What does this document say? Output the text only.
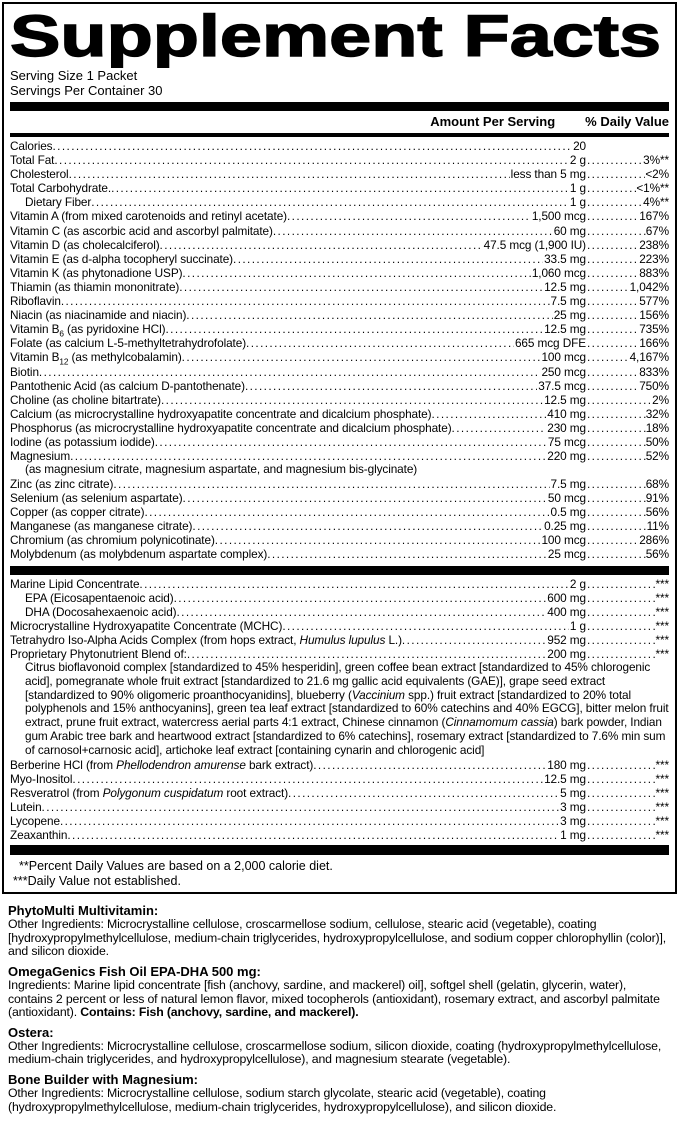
Supplement Facts
Serving Size 1 Packet
Servings Per Container 30
Amount Per Serving % Daily Value
Calories .....	20
Total Fat .....	2 g .....	3%**
Cholesterol .....	less than 5 mg .....	<2%
Total Carbohydrate. .....	1 g .....	<1%**
Dietary Fiber .....	1 g .....	4%**
Vitamin A (from mixed carotenoids and retinyl acetate) .....	1,500 mcg .....	167%
Vitamin C (as ascorbic acid and ascorbyl palmitate) .....	60 mg .....	67%
Vitamin D (as cholecalciferol) .....	47.5 mcg (1,900 IU) .....	238%
Vitamin E (as d-alpha tocopheryl succinate) .....	33.5 mg .....	223%
Vitamin K (as phytonadione USP) .....	1,060 mcg .....	883%
Thiamin (as thiamin mononitrate) .....	12.5 mg .....	1,042%
Riboflavin .....	7.5 mg .....	577%
Niacin (as niacinamide and niacin) .....	25 mg .....	156%
Vitamin $B_6$ (as pyridoxine HCl) .....	12.5 mg .....	735%
Folate (as calcium L-5-methyltetrahydrofolate) .....	665 mcg DFE .....	166%
Vitamin $B_{12}$ (as methylcobalamin) .....	100 mcg .....	4,167%
Biotin .....	250 mcg .....	833%
Pantothenic Acid (as calcium D-pantothenate) .....	37.5 mcg .....	750%
Choline (as choline bitartrate) .....	12.5 mg .....	2%
Calcium (as microcrystalline hydroxyapatite concentrate and dicalcium phosphate) .....	410 mg .....	32%
Phosphorus (as microcrystalline hydroxyapatite concentrate and dicalcium phosphate) .....	230 mg .....	18%
Iodine (as potassium iodide) .....	75 mcg .....	50%
Magnesium .....	220 mg .....	52%
(as magnesium citrate, magnesium aspartate, and magnesium bis-glycinate)
Zinc (as zinc citrate) .....	7.5 mg .....	68%
Selenium (as selenium aspartate) .....	50 mcg .....	91%
Copper (as copper citrate) .....	0.5 mg .....	56%
Manganese (as manganese citrate) .....	0.25 mg .....	11%
Chromium (as chromium polynicotinate) .....	100 mcg .....	286%
Molybdenum (as molybdenum aspartate complex) .....	25 mcg .....	56%
Marine Lipid Concentrate .....	2 g .....	***
EPA (Eicosapentaenoic acid) .....	600 mg .....	***
DHA (Docosahexaenoic acid) .....	400 mg .....	***
Microcrystalline Hydroxyapatite Concentrate (MCHC) .....	1 g .....	***
Tetrahydro Iso-Alpha Acids Complex (from hops extract, Humulus lupulus L.) .....	952 mg .....	***
Proprietary Phytonutrient Blend of: .....	200 mg .....	***
Citrus bioflavonoid complex [standardized to 45% hesperidin], green coffee bean extract [standardized to 45% chlorogenic acid], pomegranate whole fruit extract [standardized to 21.6 mg gallic acid equivalents (GAE)], grape seed extract [standardized to 90% oligomeric proanthocyanidins], blueberry (Vaccinium spp.) fruit extract [standardized to 20% total polyphenols and 15% anthocyanins], green tea leaf extract [standardized to 60% catechins and 40% EGCG], bitter melon fruit extract, prune fruit extract, watercress aerial parts 4:1 extract, Chinese cinnamon (Cinnamomum cassia) bark powder, Indian gum Arabic tree bark and heartwood extract [standardized to 6% catechins], rosemary extract [standardized to 7.6% min sum of carnosol+carnosic acid], artichoke leaf extract [containing cynarin and chlorogenic acid]
Berberine HCl (from Phellodendron amurense bark extract) .....	180 mg .....	***
Myo-Inositol .....	12.5 mg .....	***
Resveratrol (from Polygonum cuspidatum root extract) .....	5 mg .....	***
Lutein .....	3 mg .....	***
Lycopene .....	3 mg .....	***
Zeaxanthin .....	1 mg .....	***
**Percent Daily Values are based on a 2,000 calorie diet.
***Daily Value not established.
PhytoMulti Multivitamin:
Other Ingredients: Microcrystalline cellulose, croscarmellose sodium, cellulose, stearic acid (vegetable), coating [hydroxypropylmethylcellulose, medium-chain triglycerides, hydroxypropylcellulose, and sodium copper chlorophyllin (color)], and silicon dioxide.
OmegaGenics Fish Oil EPA-DHA 500 mg:
Ingredients: Marine lipid concentrate [fish (anchovy, sardine, and mackerel) oil], softgel shell (gelatin, glycerin, water), contains 2 percent or less of natural lemon flavor, mixed tocopherols (antioxidant), rosemary extract, and ascorbyl palmitate (antioxidant). Contains: Fish (anchovy, sardine, and mackerel).
Ostera:
Other Ingredients: Microcrystalline cellulose, croscarmellose sodium, silicon dioxide, coating (hydroxypropylmethylcellulose, medium-chain triglycerides, and hydroxypropylcellulose), and magnesium stearate (vegetable).
Bone Builder with Magnesium:
Other Ingredients: Microcrystalline cellulose, sodium starch glycolate, stearic acid (vegetable), coating (hydroxypropylmethylcellulose, medium-chain triglycerides, hydroxypropylcellulose), and silicon dioxide.
